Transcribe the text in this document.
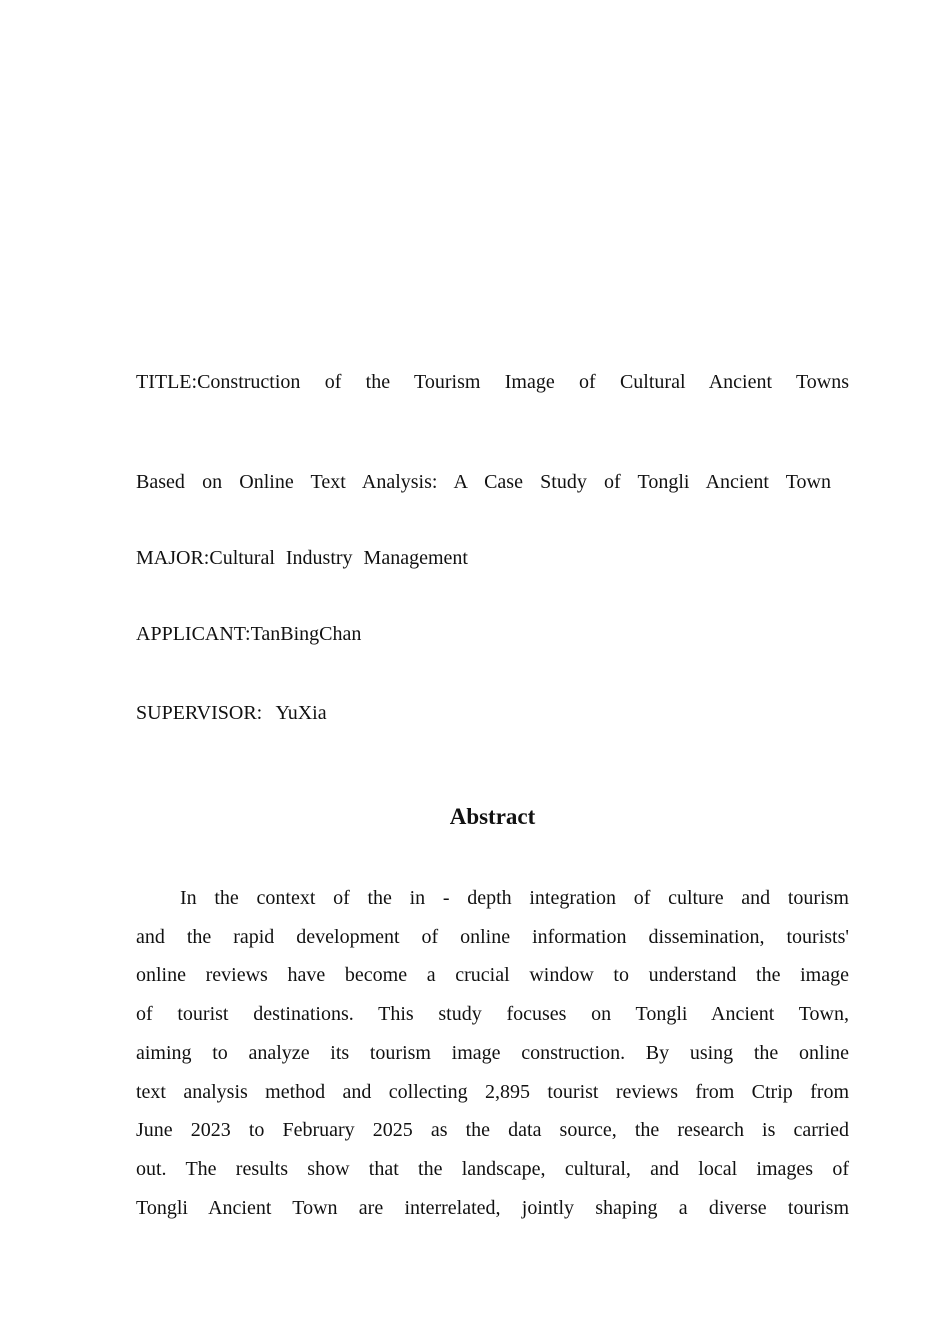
TITLE:Construction of the Tourism Image of Cultural Ancient Towns
Based on Online Text Analysis: A Case Study of Tongli Ancient Town
MAJOR:Cultural Industry Management
APPLICANT:TanBingChan
SUPERVISOR: YuXia
Abstract
In the context of the in - depth integration of culture and tourism
and the rapid development of online information dissemination, tourists'
online reviews have become a crucial window to understand the image
of tourist destinations. This study focuses on Tongli Ancient Town,
aiming to analyze its tourism image construction. By using the online
text analysis method and collecting 2,895 tourist reviews from Ctrip from
June 2023 to February 2025 as the data source, the research is carried
out. The results show that the landscape, cultural, and local images of
Tongli Ancient Town are interrelated, jointly shaping a diverse tourism
